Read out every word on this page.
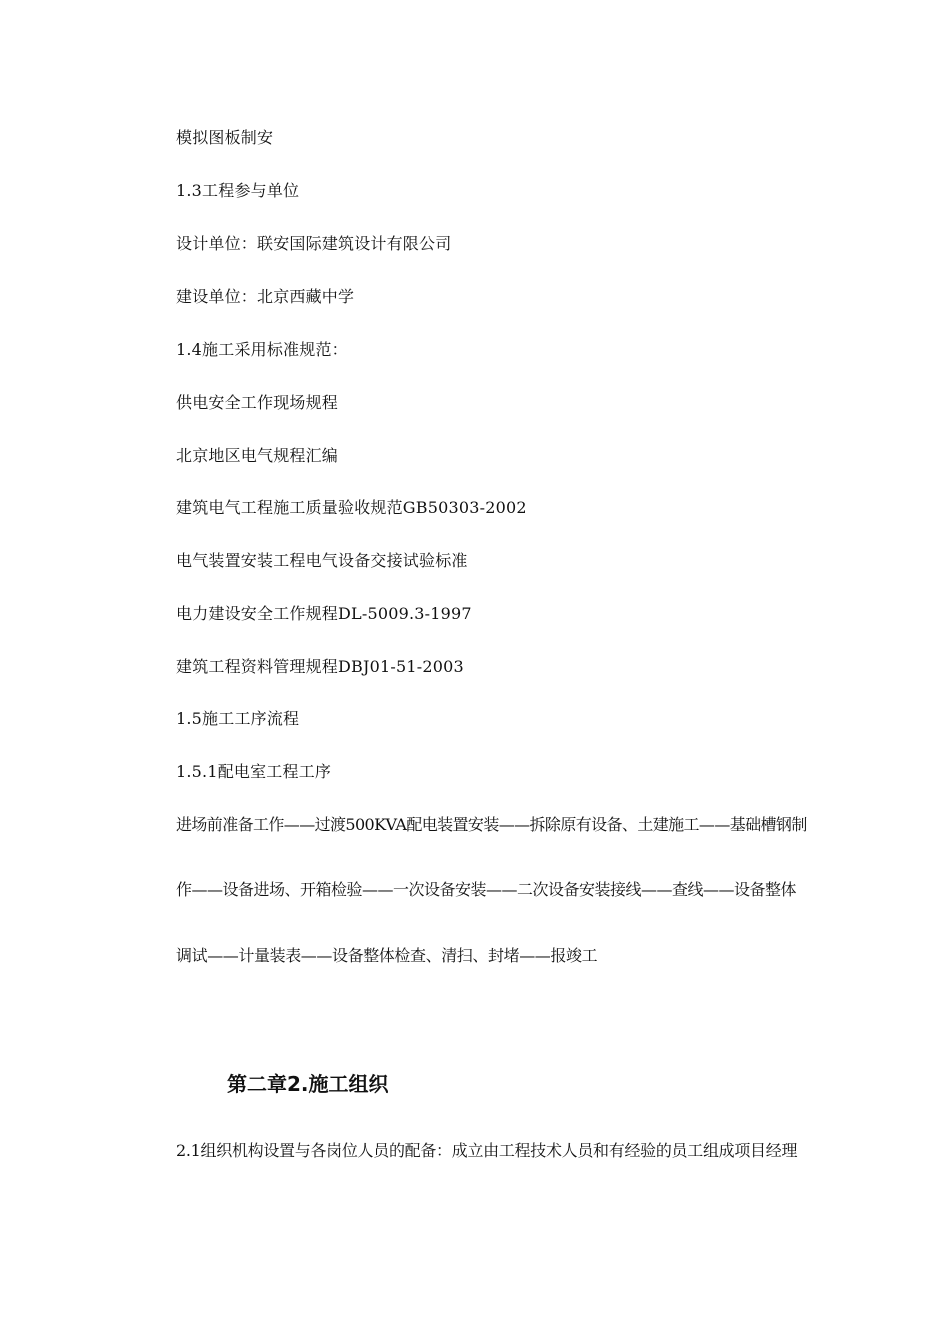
模拟图板制安
1.3工程参与单位
设计单位：联安国际建筑设计有限公司
建设单位：北京西藏中学
1.4施工采用标准规范：
供电安全工作现场规程
北京地区电气规程汇编
建筑电气工程施工质量验收规范GB50303-2002
电气装置安装工程电气设备交接试验标准
电力建设安全工作规程DL-5009.3-1997
建筑工程资料管理规程DBJ01-51-2003
1.5施工工序流程
1.5.1配电室工程工序
进场前准备工作——过渡500KVA配电装置安装——拆除原有设备、土建施工——基础槽钢制
作——设备进场、开箱检验——一次设备安装——二次设备安装接线——查线——设备整体
调试——计量装表——设备整体检查、清扫、封堵——报竣工
第二章2.施工组织
2.1组织机构设置与各岗位人员的配备：成立由工程技术人员和有经验的员工组成项目经理
